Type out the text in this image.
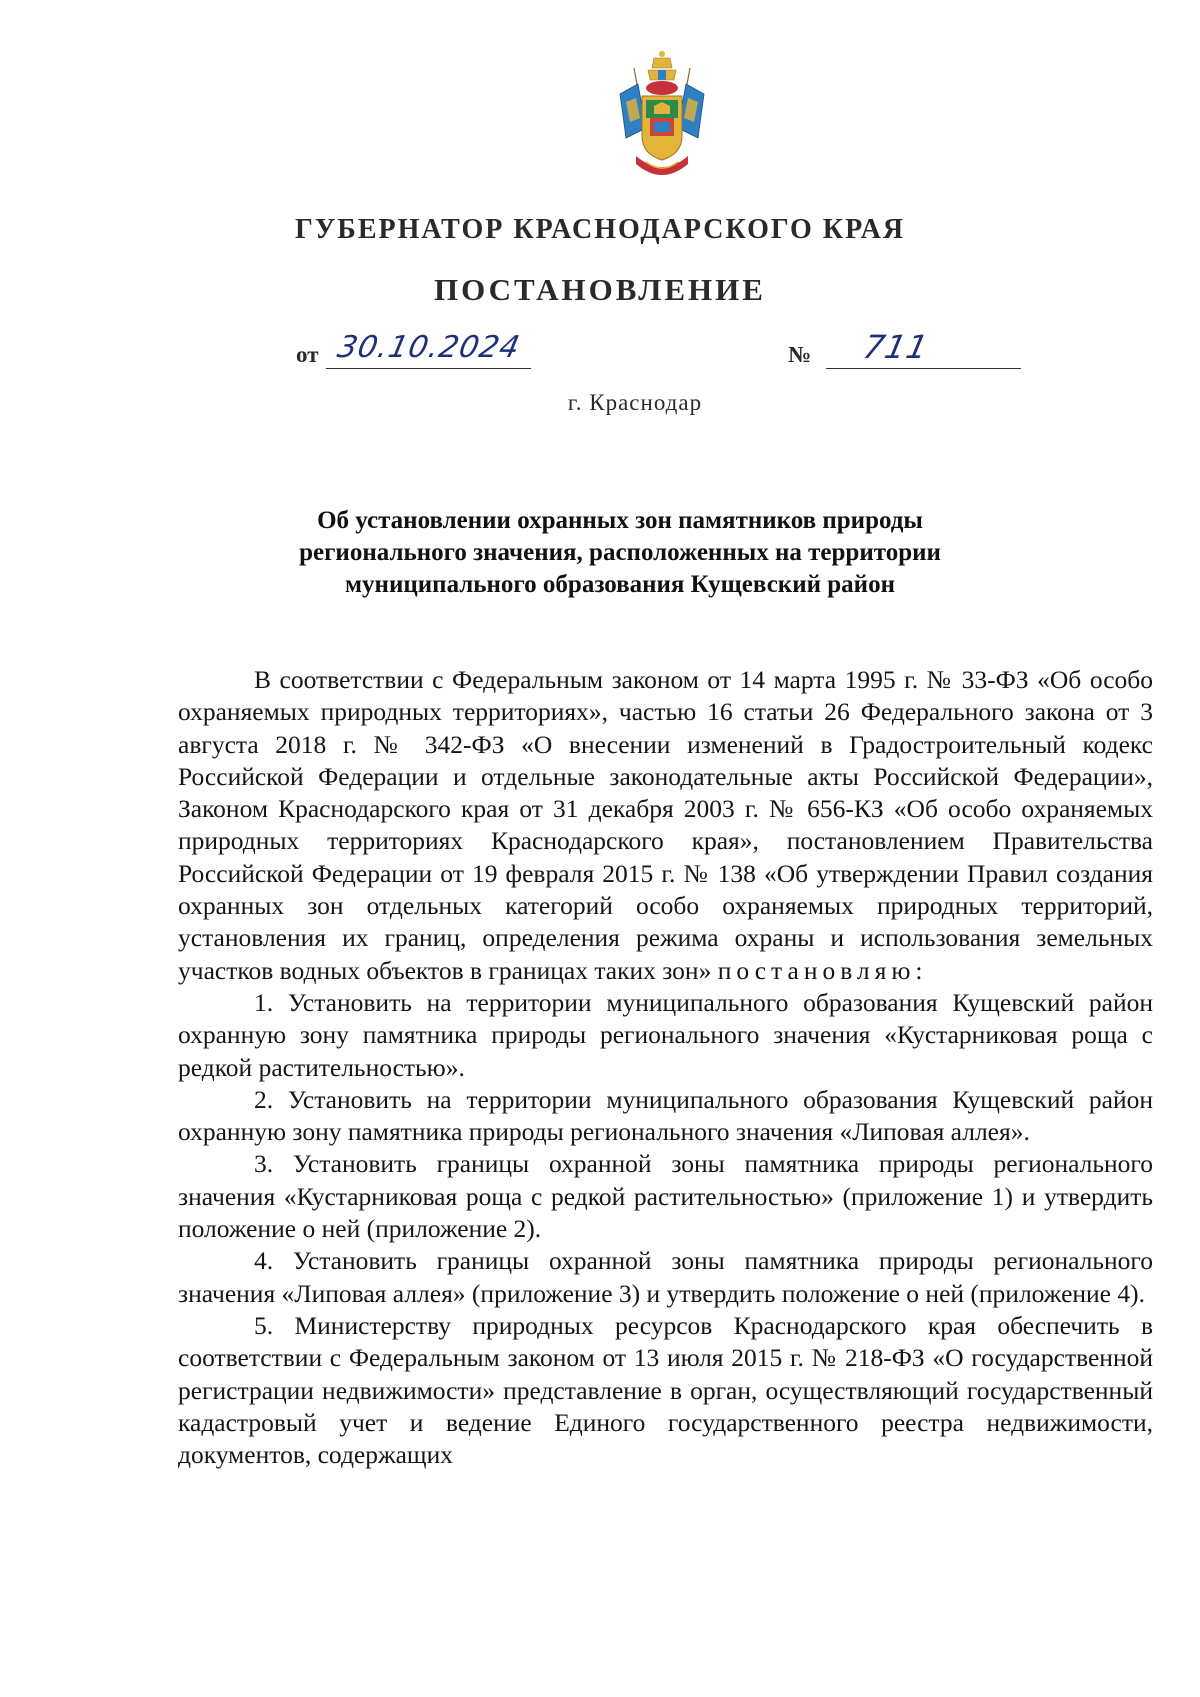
ГУБЕРНАТОР КРАСНОДАРСКОГО КРАЯ
ПОСТАНОВЛЕНИЕ
от 30.10.2024	№ 711
г. Краснодар
Об установлении охранных зон памятников природы
регионального значения, расположенных на территории
муниципального образования Кущевский район

В соответствии с Федеральным законом от 14 марта 1995 г. № 33-ФЗ «Об особо охраняемых природных территориях», частью 16 статьи 26 Федерального закона от 3 августа 2018 г. № 342-ФЗ «О внесении изменений в Градостроительный кодекс Российской Федерации и отдельные законодательные акты Российской Федерации», Законом Краснодарского края от 31 декабря 2003 г. № 656-КЗ «Об особо охраняемых природных территориях Краснодарского края», постановлением Правительства Российской Федерации от 19 февраля 2015 г. № 138 «Об утверждении Правил создания охранных зон отдельных категорий особо охраняемых природных территорий, установления их границ, определения режима охраны и использования земельных участков водных объектов в границах таких зон» постановляю:

1. Установить на территории муниципального образования Кущевский район охранную зону памятника природы регионального значения «Кустарниковая роща с редкой растительностью».

2. Установить на территории муниципального образования Кущевский район охранную зону памятника природы регионального значения «Липовая аллея».

3. Установить границы охранной зоны памятника природы регионального значения «Кустарниковая роща с редкой растительностью» (приложение 1) и утвердить положение о ней (приложение 2).

4. Установить границы охранной зоны памятника природы регионального значения «Липовая аллея» (приложение 3) и утвердить положение о ней (приложение 4).

5. Министерству природных ресурсов Краснодарского края обеспечить в соответствии с Федеральным законом от 13 июля 2015 г. № 218-ФЗ «О государственной регистрации недвижимости» представление в орган, осуществляющий государственный кадастровый учет и ведение Единого государственного реестра недвижимости, документов, содержащих
